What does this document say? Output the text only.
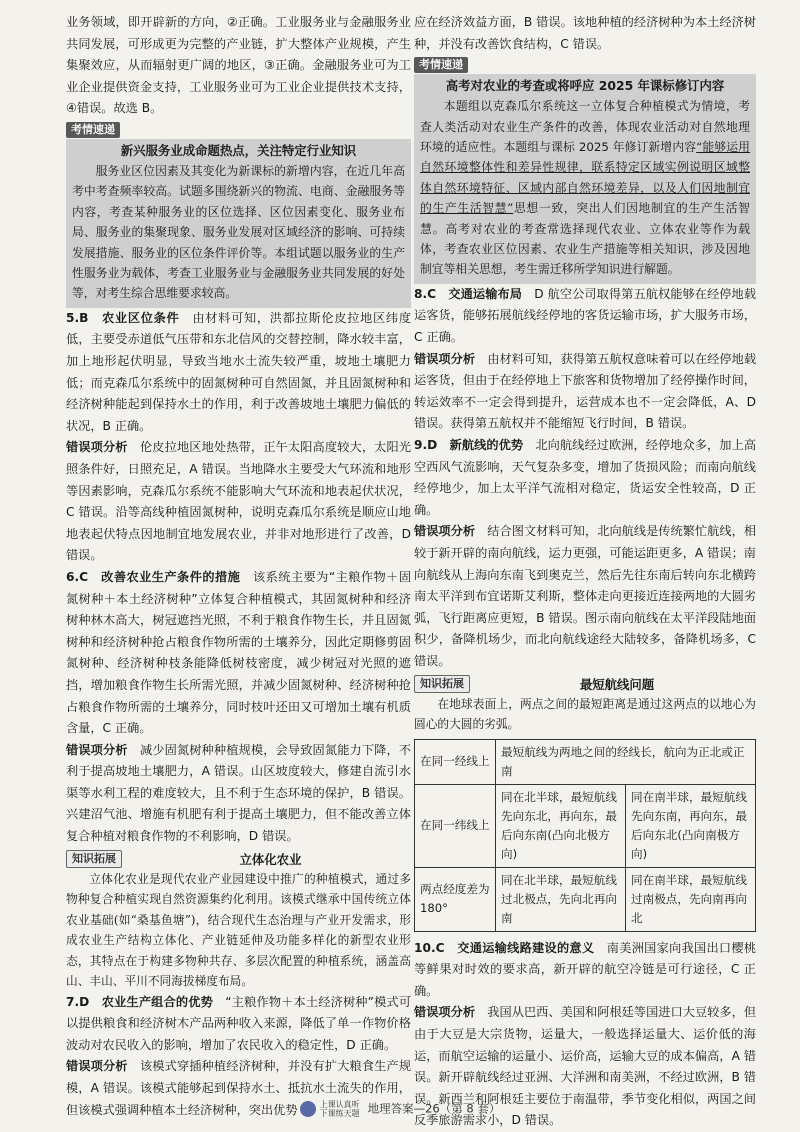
业务领域，即开辟新的方向，②正确。工业服务业与金融服务业共同发展，可形成更为完整的产业链，扩大整体产业规模，产生集聚效应，从而辐射更广阔的地区，③正确。金融服务业可为工业企业提供资金支持，工业服务业可为工业企业提供技术支持，④错误。故选 B。

考情速递
新兴服务业成命题热点，关注特定行业知识

服务业区位因素及其变化为新课标的新增内容，在近几年高考中考查频率较高。试题多围绕新兴的物流、电商、金融服务等内容，考查某种服务业的区位选择、区位因素变化、服务业布局、服务业的集聚现象、服务业发展对区域经济的影响、可持续发展措施、服务业的区位条件评价等。本组试题以服务业的生产性服务业为载体，考查工业服务业与金融服务业共同发展的好处等，对考生综合思维要求较高。

5.B　 农业区位条件　 由材料可知，洪都拉斯伦皮拉地区纬度低，主要受赤道低气压带和东北信风的交替控制，降水较丰富，加上地形起伏明显，导致当地水土流失较严重，坡地土壤肥力低；而克森瓜尔系统中的固氮树种可自然固氮，并且固氮树种和经济树种能起到保持水土的作用，利于改善坡地土壤肥力偏低的状况，B 正确。

错误项分析　 伦皮拉地区地处热带，正午太阳高度较大，太阳光照条件好，日照充足，A 错误。当地降水主要受大气环流和地形等因素影响，克森瓜尔系统不能影响大气环流和地表起伏状况，C 错误。沿等高线种植固氮树种，说明克森瓜尔系统是顺应山地地表起伏特点因地制宜地发展农业，并非对地形进行了改善，D 错误。

6.C　 改善农业生产条件的措施　 该系统主要为“主粮作物＋固氮树种＋本土经济树种”立体复合种植模式，其固氮树种和经济树种林木高大，树冠遮挡光照，不利于粮食作物生长，并且固氮树种和经济树种抢占粮食作物所需的土壤养分，因此定期修剪固氮树种、经济树种枝条能降低树枝密度，减少树冠对光照的遮挡，增加粮食作物生长所需光照，并减少固氮树种、经济树种抢占粮食作物所需的土壤养分，同时枝叶还田又可增加土壤有机质含量，C 正确。

错误项分析　 减少固氮树种种植规模，会导致固氮能力下降，不利于提高坡地土壤肥力，A 错误。山区坡度较大，修建自流引水渠等水利工程的难度较大，且不利于生态环境的保护，B 错误。兴建沼气池、增施有机肥有利于提高土壤肥力，但不能改善立体复合种植对粮食作物的不利影响，D 错误。

知识拓展	立体化农业

立体化农业是现代农业产业园建设中推广的种植模式，通过多物种复合种植实现自然资源集约化利用。该模式继承中国传统立体农业基础(如“桑基鱼塘”)，结合现代生态治理与产业开发需求，形成农业生产结构立体化、产业链延伸及功能多样化的新型农业形态，其特点在于构建多物种共存、多层次配置的种植系统，涵盖高山、丰山、平川不同海拔梯度布局。

7.D　 农业生产组合的优势　 “主粮作物＋本土经济树种”模式可以提供粮食和经济树木产品两种收入来源，降低了单一作物价格波动对农民收入的影响，增加了农民收入的稳定性，D 正确。

错误项分析　 该模式穿插种植经济树种，并没有扩大粮食生产规模，A 错误。该模式能够起到保持水土、抵抗水土流失的作用，但该模式强调种植本土经济树种，突出优势

应在经济效益方面，B 错误。该地种植的经济树种为本土经济树种，并没有改善饮食结构，C 错误。

考情速递
高考对农业的考查或将呼应 2025 年课标修订内容

本题组以克森瓜尔系统这一立体复合种植模式为情境，考查人类活动对农业生产条件的改善，体现农业活动对自然地理环境的适应性。本题组与课标 2025 年修订新增内容“能够运用自然环境整体性和差异性规律，联系特定区域实例说明区域整体自然环境特征、区域内部自然环境差异，以及人们因地制宜的生产生活智慧”思想一致，突出人们因地制宜的生产生活智慧。高考对农业的考查常选择现代农业、立体农业等作为载体，考查农业区位因素、农业生产措施等相关知识，涉及因地制宜等相关思想，考生需迁移所学知识进行解题。

8.C　 交通运输布局　 D 航空公司取得第五航权能够在经停地载运客货，能够拓展航线经停地的客货运输市场，扩大服务市场，C 正确。

错误项分析　 由材料可知，获得第五航权意味着可以在经停地载运客货，但由于在经停地上下旅客和货物增加了经停操作时间，转运效率不一定会得到提升，运营成本也不一定会降低，A、D 错误。获得第五航权并不能缩短飞行时间，B 错误。

9.D　 新航线的优势　 北向航线经过欧洲，经停地众多，加上高空西风气流影响，天气复杂多变，增加了货损风险；而南向航线经停地少，加上太平洋气流相对稳定，货运安全性较高，D 正确。

错误项分析　 结合图文材料可知，北向航线是传统繁忙航线，相较于新开辟的南向航线，运力更强，可能运距更多，A 错误；南向航线从上海向东南飞到奥克兰，然后先往东南后转向东北横跨南太平洋到布宜诺斯艾利斯，整体走向更接近连接两地的大圆劣弧，飞行距离应更短，B 错误。图示南向航线在太平洋段陆地面积少，备降机场少，而北向航线途经大陆较多，备降机场多，C 错误。

知识拓展	最短航线问题

在地球表面上，两点之间的最短距离是通过这两点的以地心为圆心的大圆的劣弧。

在同一经线上	最短航线为两地之间的经线长，航向为正北或正南	
在同一纬线上	同在北半球，最短航线先向东北，再向东，最后向东南(凸向北极方向)	同在南半球，最短航线先向东南，再向东，最后向东北(凸向南极方向)
两点经度差为 180°	同在北半球，最短航线过北极点，先向北再向南	同在南半球，最短航线过南极点，先向南再向北

10.C　 交通运输线路建设的意义　 南美洲国家向我国出口樱桃等鲜果对时效的要求高，新开辟的航空冷链是可行途径，C 正确。

错误项分析　 我国从巴西、美国和阿根廷等国进口大豆较多，但由于大豆是大宗货物，运量大，一般选择运量大、运价低的海运，而航空运输的运量小、运价高，运输大豆的成本偏高，A 错误。新开辟航线经过亚洲、大洋洲和南美洲，不经过欧洲，B 错误。新西兰和阿根廷主要位于南温带，季节变化相似，两国之间反季旅游需求小，D 错误。

上课认真听
下课练天题 地理答案—26（第 8 套）
